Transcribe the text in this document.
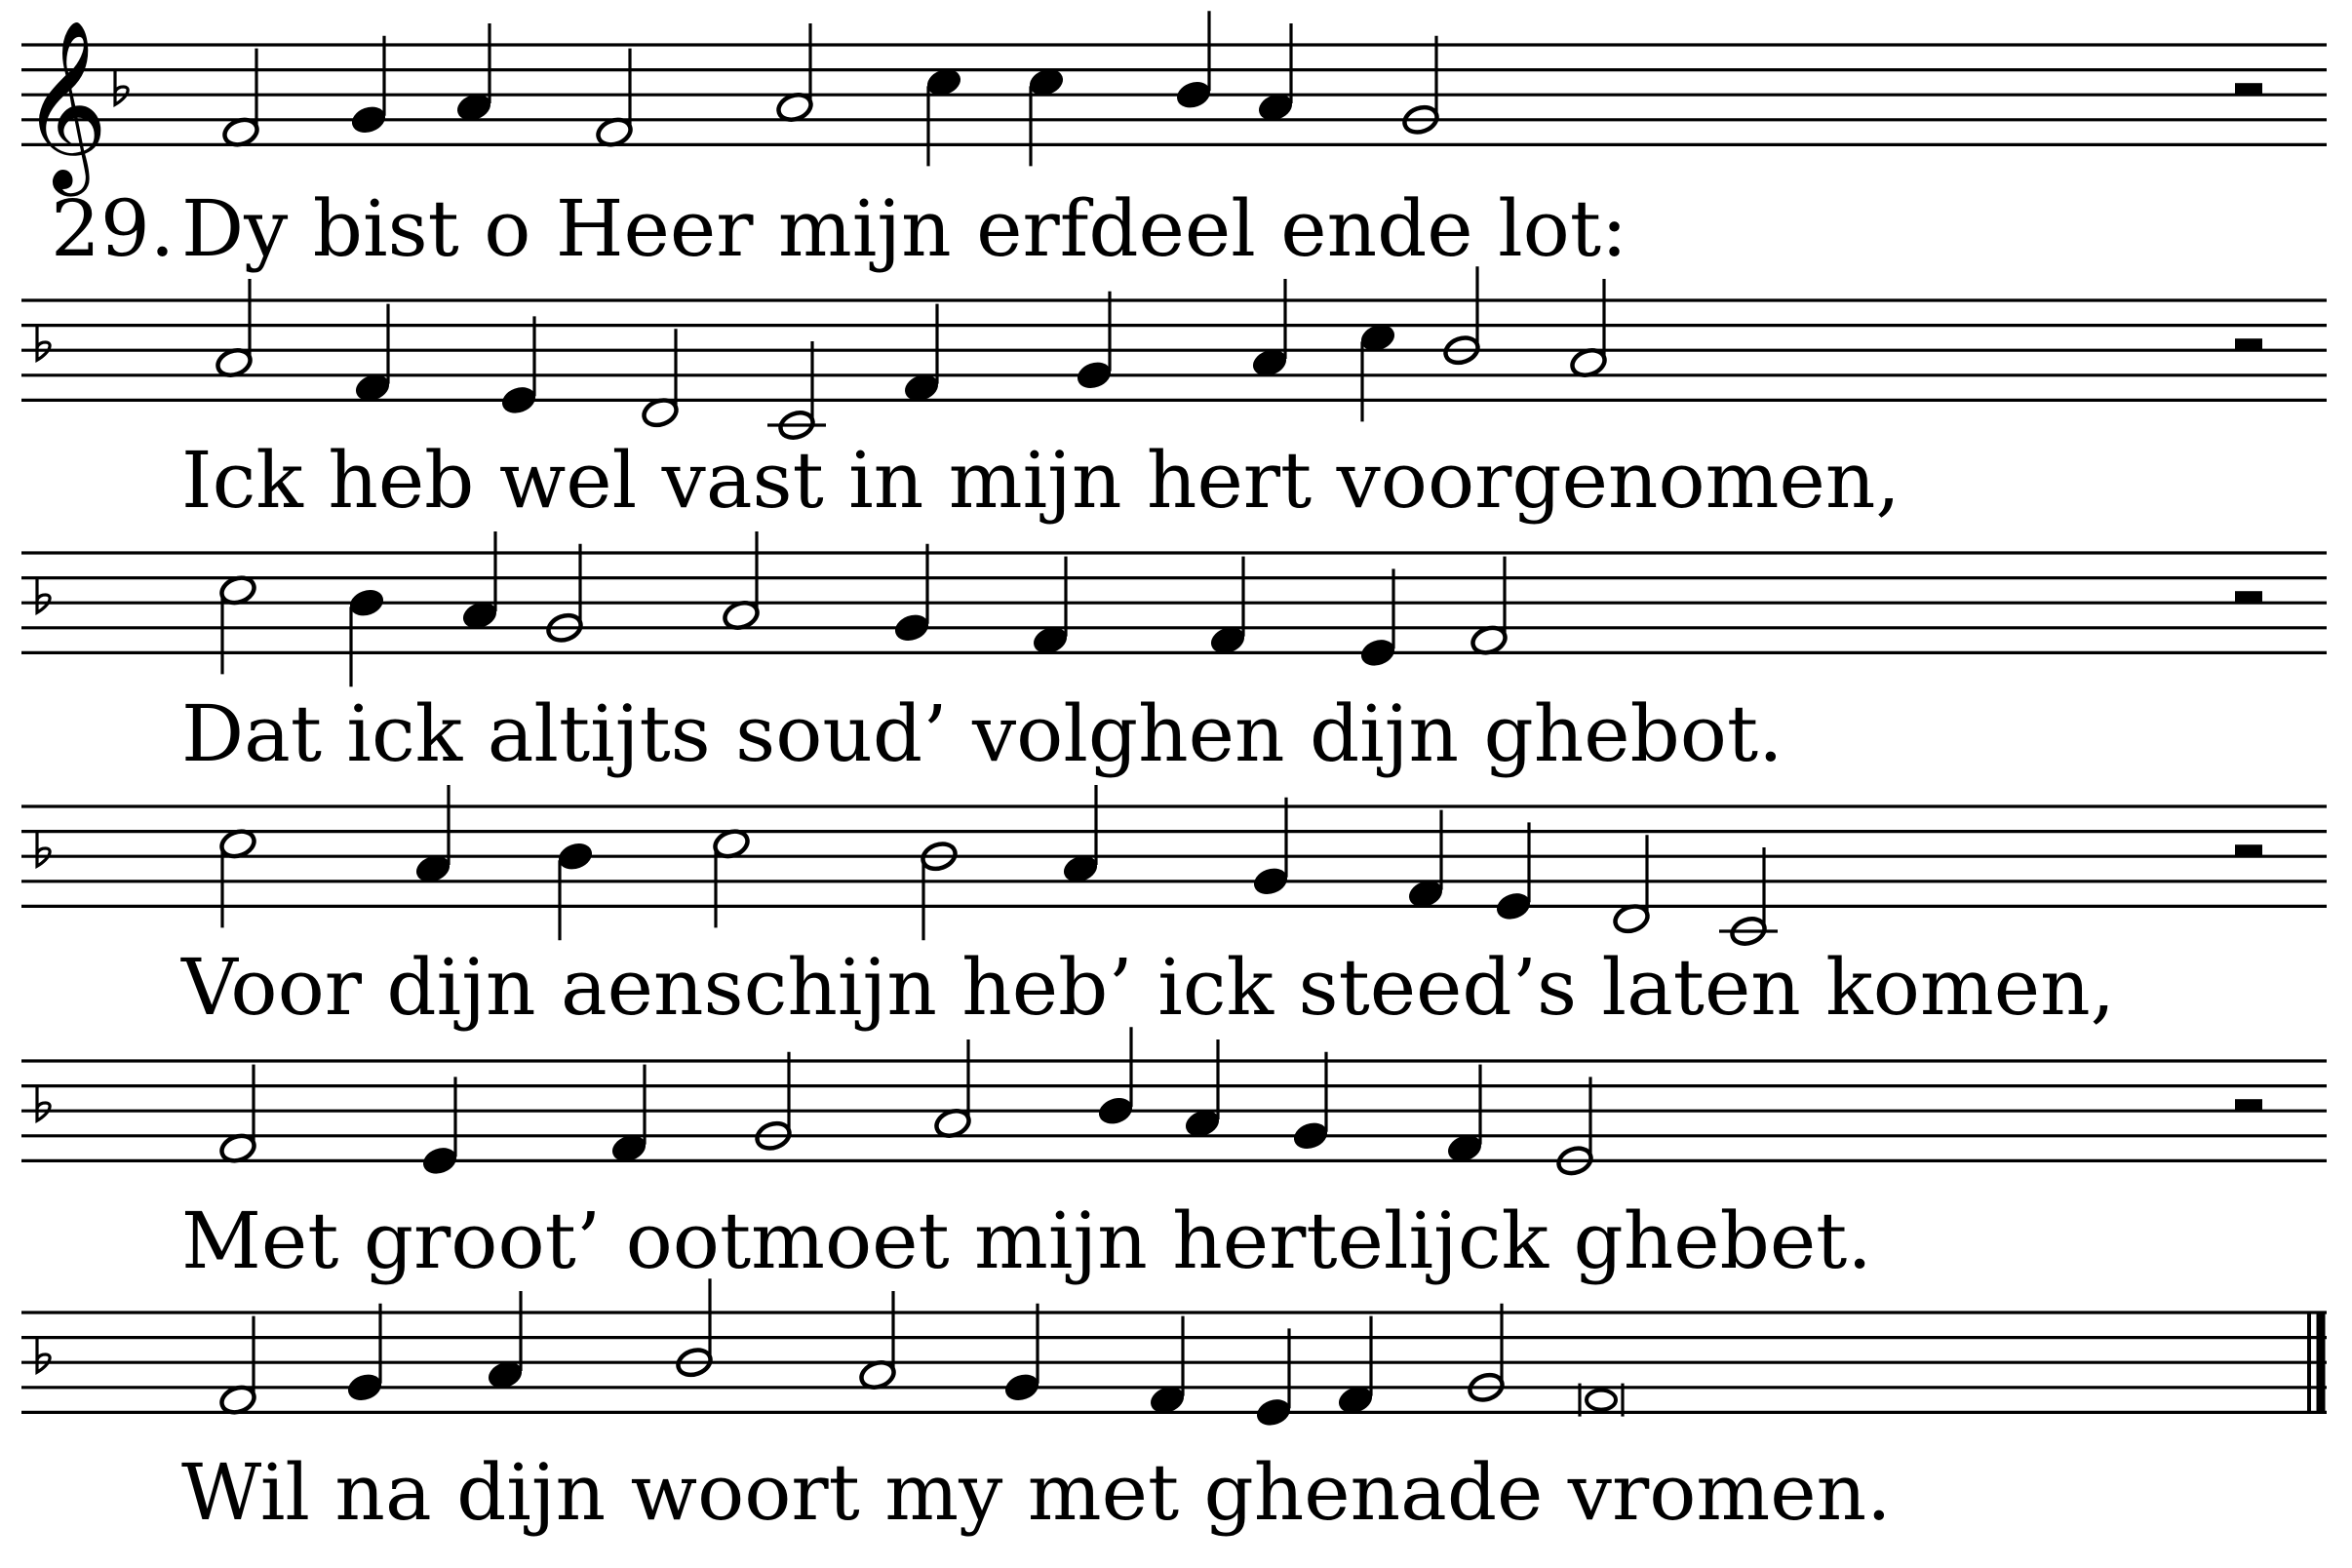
𝄞
29. Dy bist o Heer mijn erfdeel ende lot:
Ick heb wel vast in mijn hert voorgenomen,
Dat ick altijts soud’ volghen dijn ghebot.
Voor dijn aenschijn heb’ ick steed’s laten komen,
Met groot’ ootmoet mijn hertelijck ghebet.
Wil na dijn woort my met ghenade vromen.
